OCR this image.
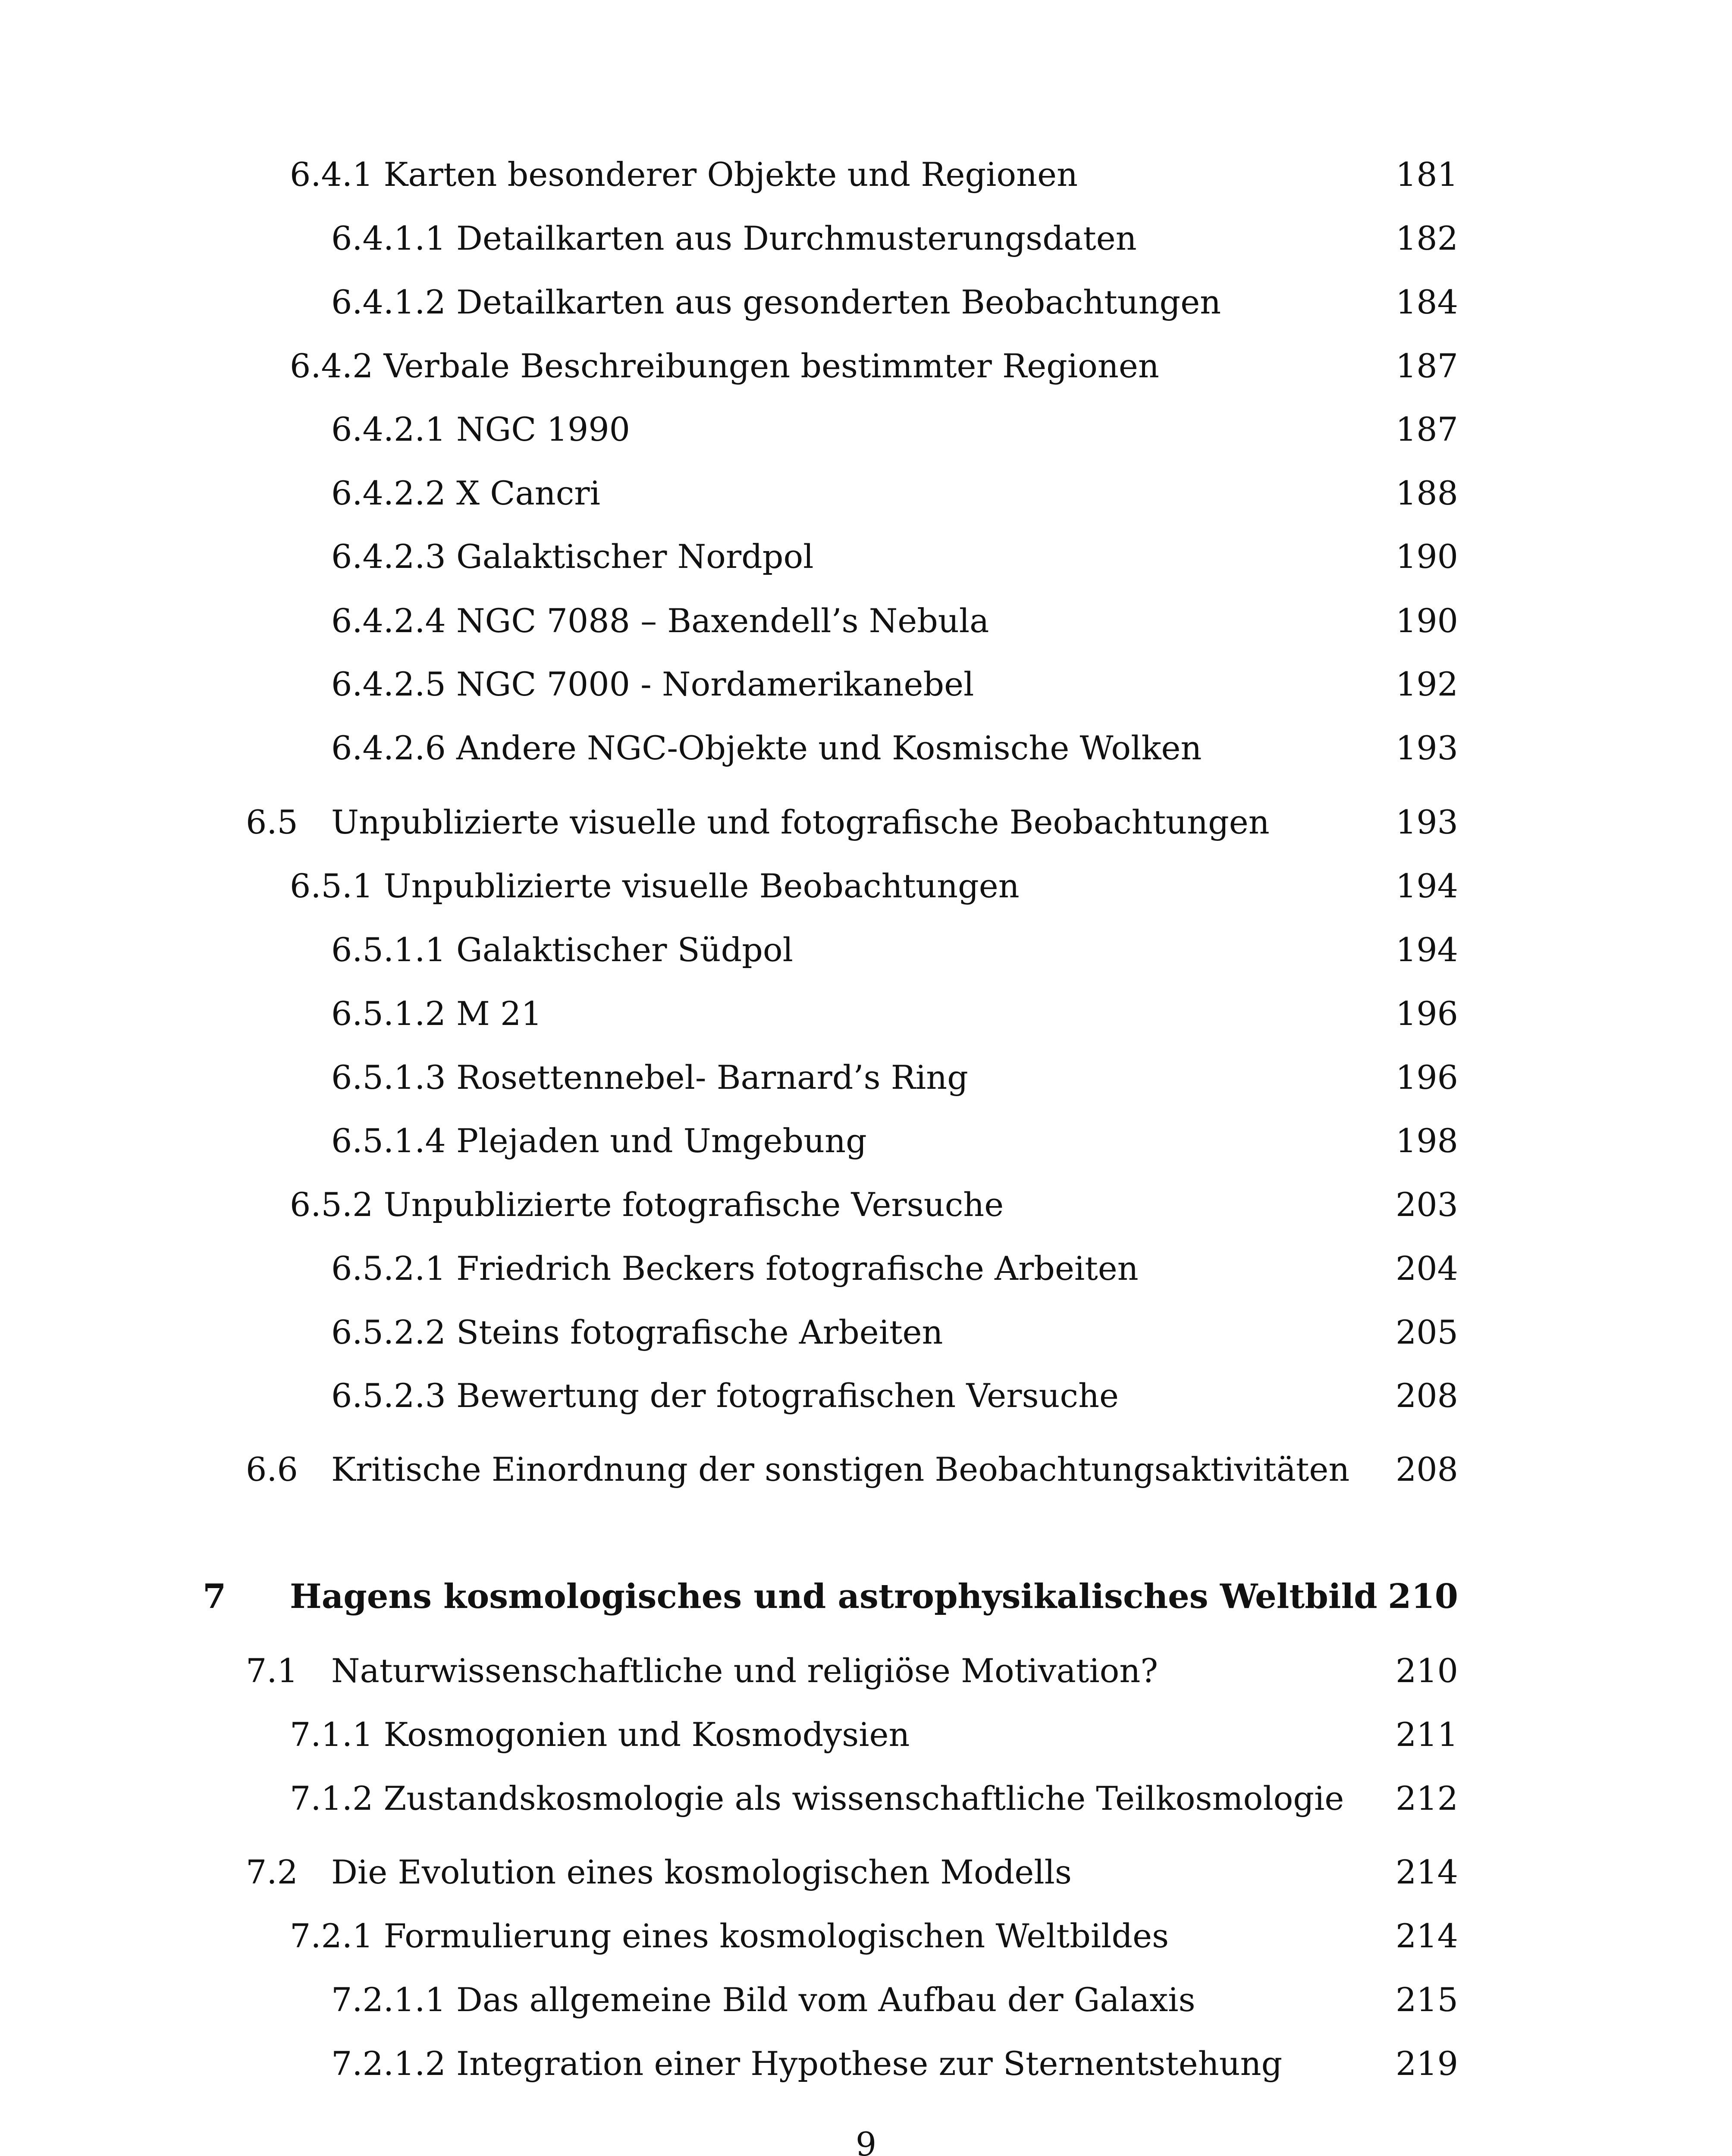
6.4.1 Karten besonderer Objekte und Regionen	181
6.4.1.1 Detailkarten aus Durchmusterungsdaten	182
6.4.1.2 Detailkarten aus gesonderten Beobachtungen	184
6.4.2 Verbale Beschreibungen bestimmter Regionen	187
6.4.2.1 NGC 1990	187
6.4.2.2 X Cancri	188
6.4.2.3 Galaktischer Nordpol	190
6.4.2.4 NGC 7088 – Baxendell’s Nebula	190
6.4.2.5 NGC 7000 - Nordamerikanebel	192
6.4.2.6 Andere NGC-Objekte und Kosmische Wolken	193
6.5 Unpublizierte visuelle und fotografische Beobachtungen	193
6.5.1 Unpublizierte visuelle Beobachtungen	194
6.5.1.1 Galaktischer Südpol	194
6.5.1.2 M 21	196
6.5.1.3 Rosettennebel- Barnard’s Ring	196
6.5.1.4 Plejaden und Umgebung	198
6.5.2 Unpublizierte fotografische Versuche	203
6.5.2.1 Friedrich Beckers fotografische Arbeiten	204
6.5.2.2 Steins fotografische Arbeiten	205
6.5.2.3 Bewertung der fotografischen Versuche	208
6.6 Kritische Einordnung der sonstigen Beobachtungsaktivitäten 208
7 Hagens kosmologisches und astrophysikalisches Weltbild 210
7.1 Naturwissenschaftliche und religiöse Motivation?	210
7.1.1 Kosmogonien und Kosmodysien	211
7.1.2 Zustandskosmologie als wissenschaftliche Teilkosmologie 212
7.2 Die Evolution eines kosmologischen Modells	214
7.2.1 Formulierung eines kosmologischen Weltbildes	214
7.2.1.1 Das allgemeine Bild vom Aufbau der Galaxis	215
7.2.1.2 Integration einer Hypothese zur Sternentstehung	219
9
